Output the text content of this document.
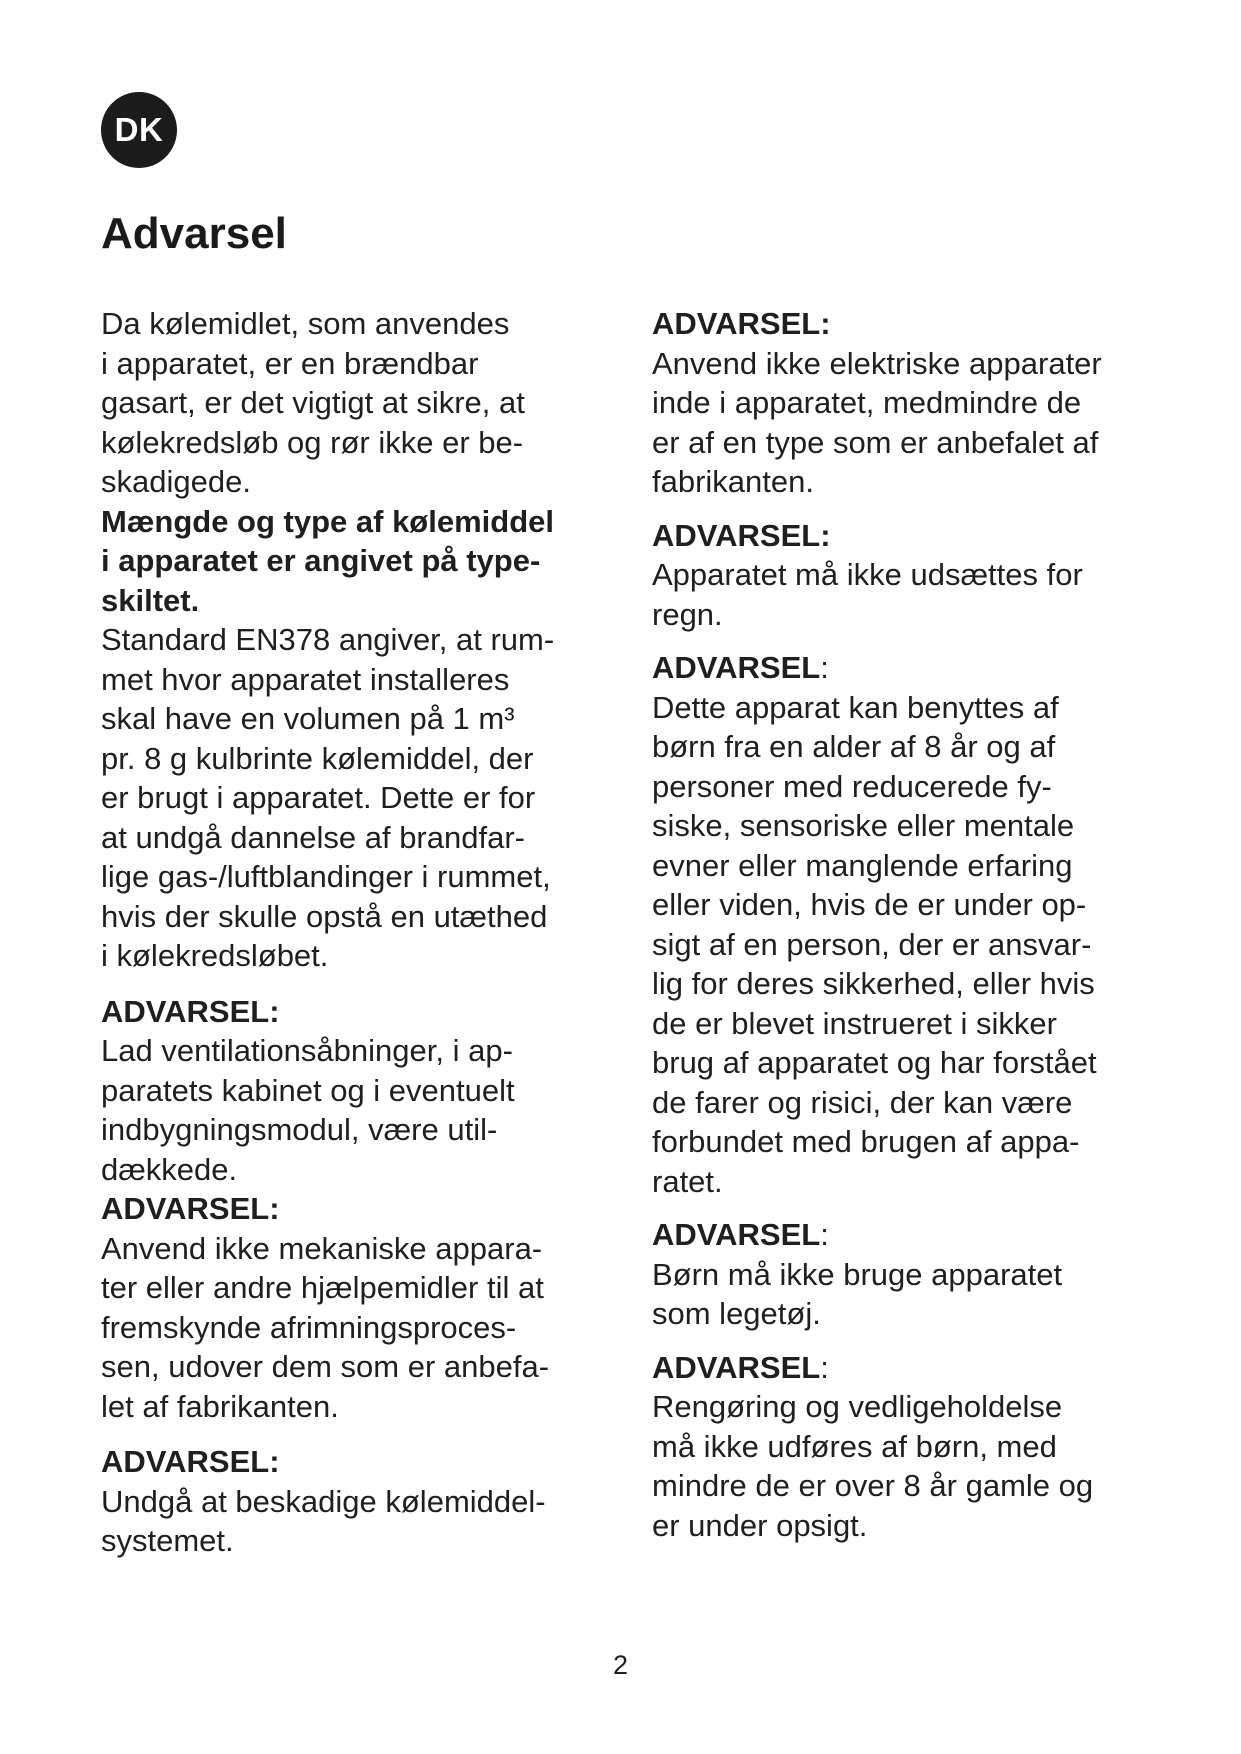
DK
Advarsel

Da kølemidlet, som anvendes
i apparatet, er en brændbar
gasart, er det vigtigt at sikre, at
kølekredsløb og rør ikke er be-
skadigede.

Mængde og type af kølemiddel
i apparatet er angivet på type-
skiltet.

Standard EN378 angiver, at rum-
met hvor apparatet installeres
skal have en volumen på 1 m³
pr. 8 g kulbrinte kølemiddel, der
er brugt i apparatet. Dette er for
at undgå dannelse af brandfar-
lige gas-/luftblandinger i rummet,
hvis der skulle opstå en utæthed
i kølekredsløbet.

ADVARSEL:

Lad ventilationsåbninger, i ap-
paratets kabinet og i eventuelt
indbygningsmodul, være util-
dækkede.

ADVARSEL:

Anvend ikke mekaniske appara-
ter eller andre hjælpemidler til at
fremskynde afrimningsproces-
sen, udover dem som er anbefa-
let af fabrikanten.

ADVARSEL:

Undgå at beskadige kølemiddel-
systemet.

ADVARSEL:

Anvend ikke elektriske apparater
inde i apparatet, medmindre de
er af en type som er anbefalet af
fabrikanten.

ADVARSEL:

Apparatet må ikke udsættes for
regn.

ADVARSEL:

Dette apparat kan benyttes af
børn fra en alder af 8 år og af
personer med reducerede fy-
siske, sensoriske eller mentale
evner eller manglende erfaring
eller viden, hvis de er under op-
sigt af en person, der er ansvar-
lig for deres sikkerhed, eller hvis
de er blevet instrueret i sikker
brug af apparatet og har forstået
de farer og risici, der kan være
forbundet med brugen af appa-
ratet.

ADVARSEL:

Børn må ikke bruge apparatet
som legetøj.

ADVARSEL:

Rengøring og vedligeholdelse
må ikke udføres af børn, med
mindre de er over 8 år gamle og
er under opsigt.

2
